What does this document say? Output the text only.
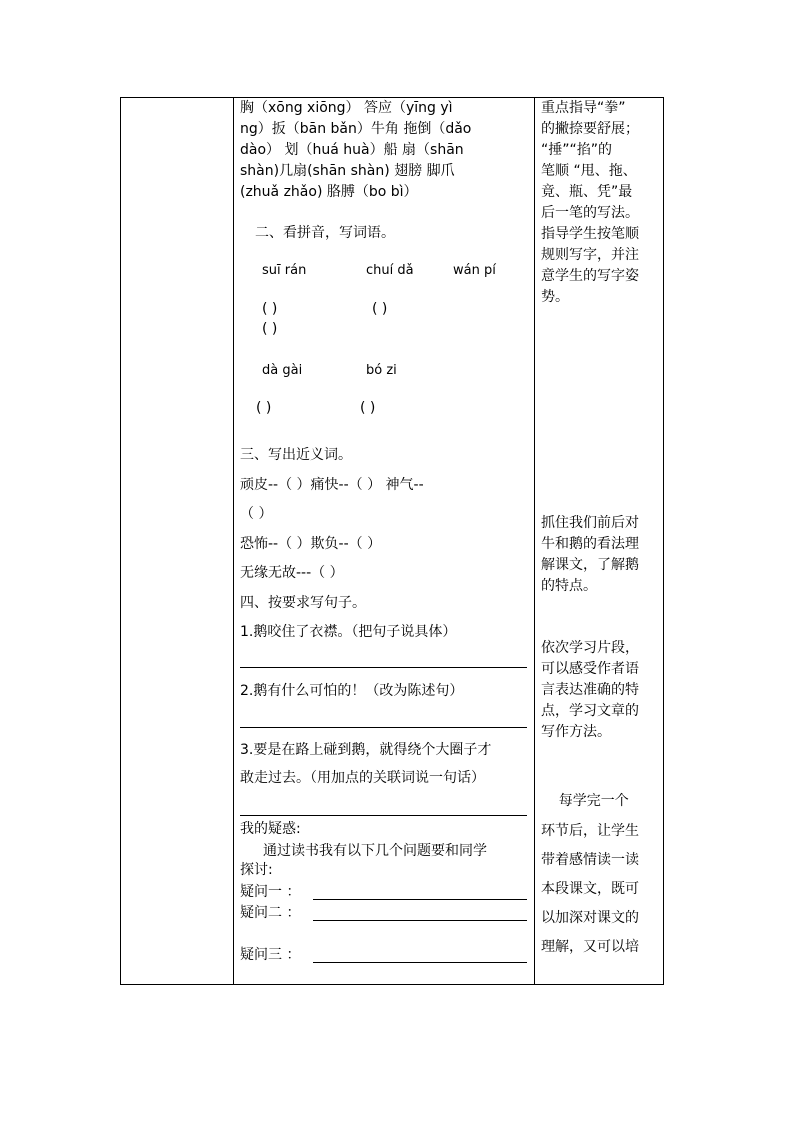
胸（xōng xiōng） 答应（yīng yì
ng）扳（bān bǎn）牛角 拖倒（dǎo
dào） 划（huá huà）船 扇（shān
shàn)几扇(shān shàn) 翅膀 脚爪
(zhuǎ zhǎo) 胳膊（bo bì）
二、看拼音，写词语。
suī rán	chuí dǎ	wán pí
( )	( )
( )
dà gài	bó zi
( )	( )
三、写出近义词。
顽皮--（ ）痛快--（ ） 神气--
（ ）
恐怖--（ ）欺负--（ ）
无缘无故---（ ）
四、按要求写句子。
1.鹅咬住了衣襟。（把句子说具体）
2.鹅有什么可怕的！（改为陈述句）
3.要是在路上碰到鹅，就得绕个大圈子才
敢走过去。（用加点的关联词说一句话）
我的疑惑:
通过读书我有以下几个问题要和同学
探讨:
疑问一 ：
疑问二 ：
疑问三 ：
重点指导“拳”
的撇捺要舒展；
“捶”“掐”的
笔顺 “甩、拖、
竟、瓶、凭”最
后一笔的写法。
指导学生按笔顺
规则写字，并注
意学生的写字姿
势。
抓住我们前后对
牛和鹅的看法理
解课文，了解鹅
的特点。
依次学习片段，
可以感受作者语
言表达准确的特
点，学习文章的
写作方法。
每学完一个
环节后，让学生
带着感情读一读
本段课文，既可
以加深对课文的
理解，又可以培
